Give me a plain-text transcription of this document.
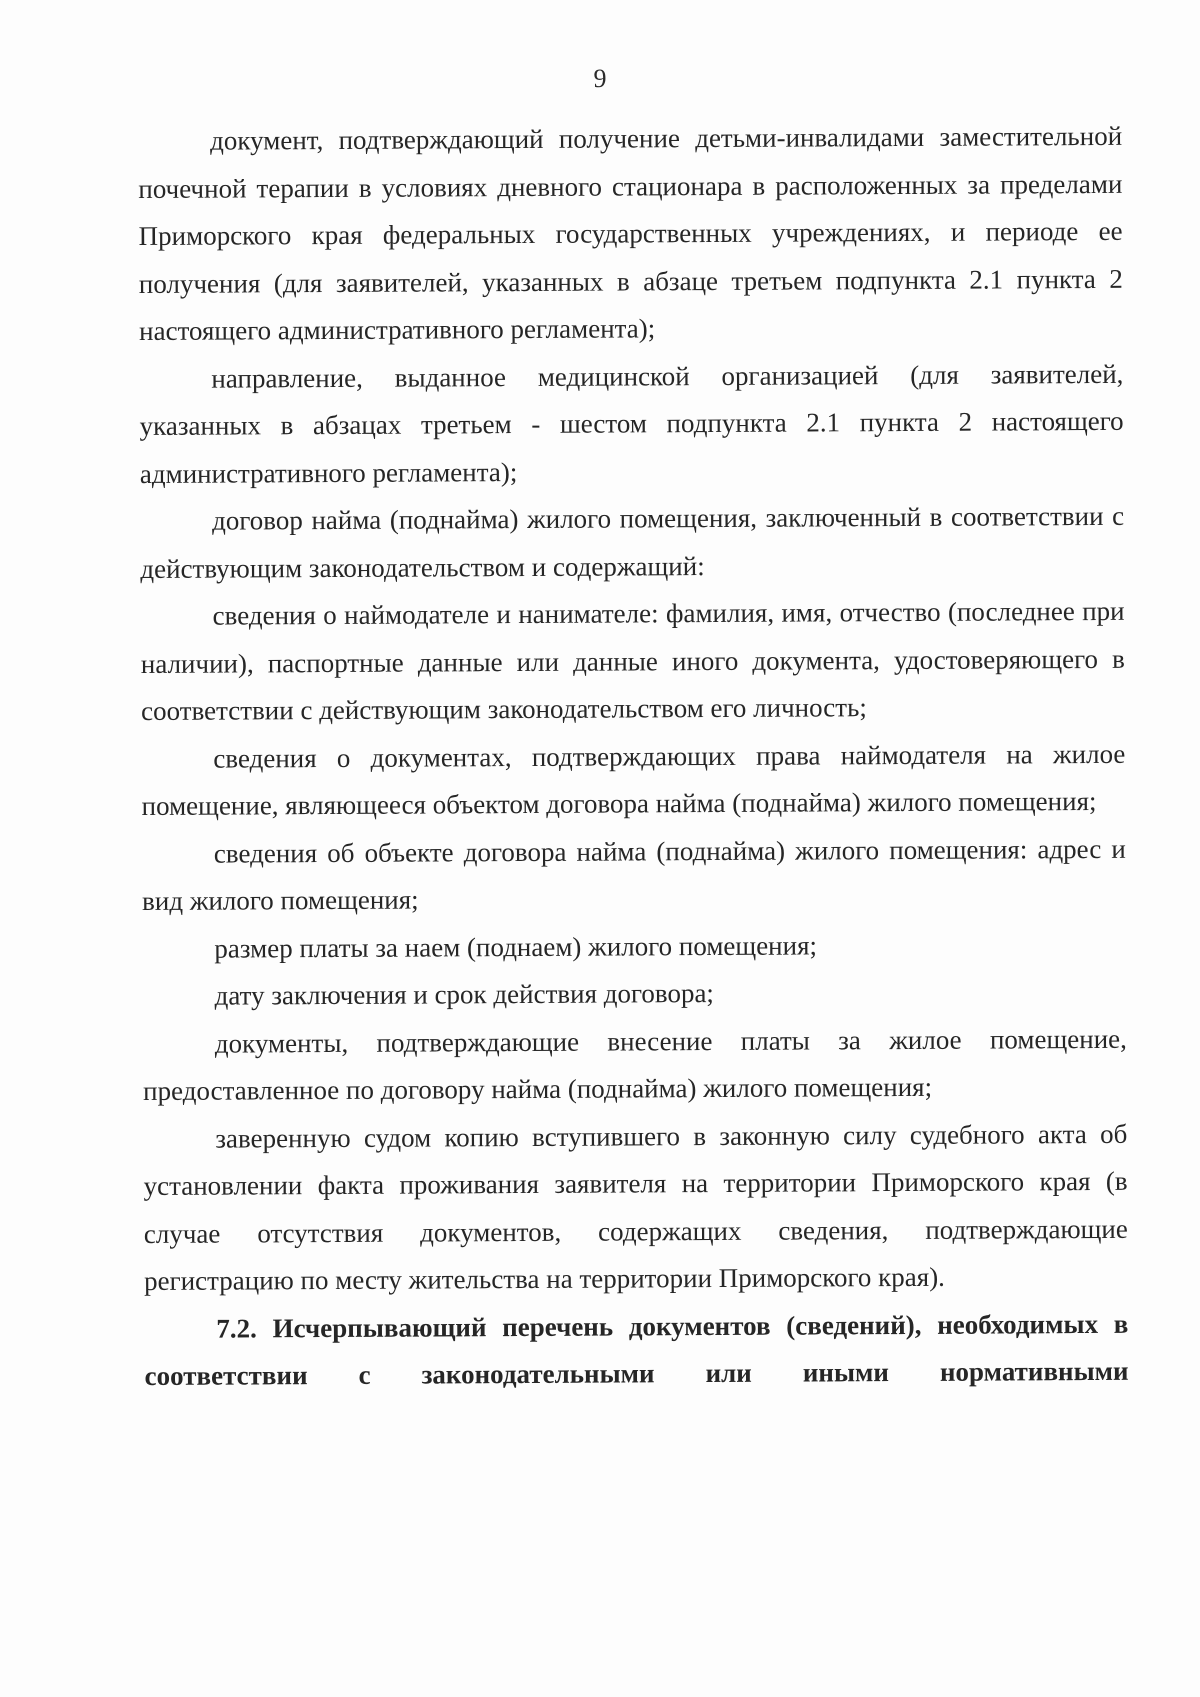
9

документ, подтверждающий получение детьми-инвалидами заместительной почечной терапии в условиях дневного стационара в расположенных за пределами Приморского края федеральных государственных учреждениях, и периоде ее получения (для заявителей, указанных в абзаце третьем подпункта 2.1 пункта 2 настоящего административного регламента);

направление, выданное медицинской организацией (для заявителей, указанных в абзацах третьем - шестом подпункта 2.1 пункта 2 настоящего административного регламента);

договор найма (поднайма) жилого помещения, заключенный в соответствии с действующим законодательством и содержащий:

сведения о наймодателе и нанимателе: фамилия, имя, отчество (последнее при наличии), паспортные данные или данные иного документа, удостоверяющего в соответствии с действующим законодательством его личность;

сведения о документах, подтверждающих права наймодателя на жилое помещение, являющееся объектом договора найма (поднайма) жилого помещения;

сведения об объекте договора найма (поднайма) жилого помещения: адрес и вид жилого помещения;

размер платы за наем (поднаем) жилого помещения;

дату заключения и срок действия договора;

документы, подтверждающие внесение платы за жилое помещение, предоставленное по договору найма (поднайма) жилого помещения;

заверенную судом копию вступившего в законную силу судебного акта об установлении факта проживания заявителя на территории Приморского края (в случае отсутствия документов, содержащих сведения, подтверждающие регистрацию по месту жительства на территории Приморского края).

7.2. Исчерпывающий перечень документов (сведений), необходимых в соответствии с законодательными или иными нормативными
